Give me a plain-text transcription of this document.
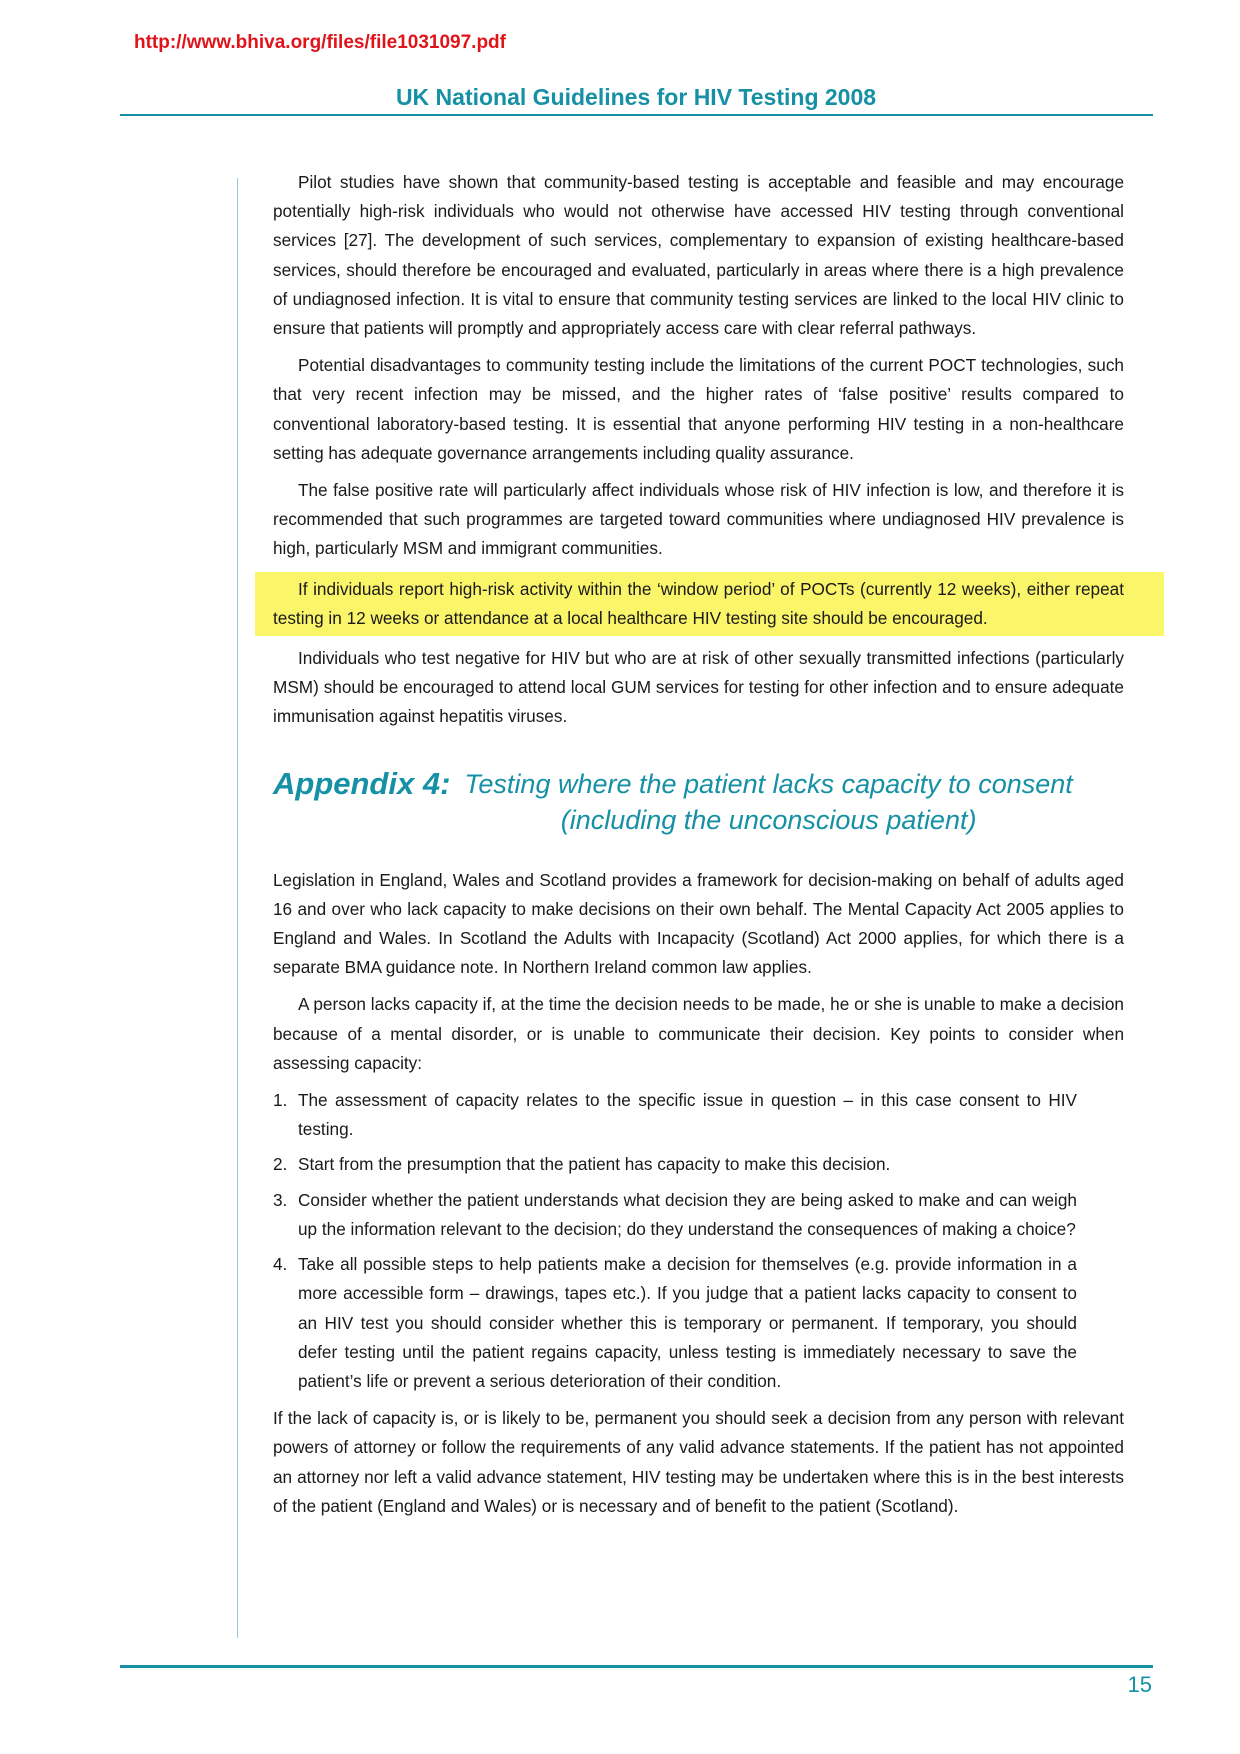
http://www.bhiva.org/files/file1031097.pdf
UK National Guidelines for HIV Testing 2008

Pilot studies have shown that community-based testing is acceptable and feasible and may encourage potentially high-risk individuals who would not otherwise have accessed HIV testing through conventional services [27]. The development of such services, complementary to expansion of existing healthcare-based services, should therefore be encouraged and evaluated, particularly in areas where there is a high prevalence of undiagnosed infection. It is vital to ensure that community testing services are linked to the local HIV clinic to ensure that patients will promptly and appropriately access care with clear referral pathways.

Potential disadvantages to community testing include the limitations of the current POCT technologies, such that very recent infection may be missed, and the higher rates of ‘false positive’ results compared to conventional laboratory-based testing. It is essential that anyone performing HIV testing in a non-healthcare setting has adequate governance arrangements including quality assurance.

The false positive rate will particularly affect individuals whose risk of HIV infection is low, and therefore it is recommended that such programmes are targeted toward communities where undiagnosed HIV prevalence is high, particularly MSM and immigrant communities.

If individuals report high-risk activity within the ‘window period’ of POCTs (currently 12 weeks), either repeat testing in 12 weeks or attendance at a local healthcare HIV testing site should be encouraged.

Individuals who test negative for HIV but who are at risk of other sexually transmitted infections (particularly MSM) should be encouraged to attend local GUM services for testing for other infection and to ensure adequate immunisation against hepatitis viruses.

Appendix 4: Testing where the patient lacks capacity to consent
(including the unconscious patient)

Legislation in England, Wales and Scotland provides a framework for decision-making on behalf of adults aged 16 and over who lack capacity to make decisions on their own behalf. The Mental Capacity Act 2005 applies to England and Wales. In Scotland the Adults with Incapacity (Scotland) Act 2000 applies, for which there is a separate BMA guidance note. In Northern Ireland common law applies.

A person lacks capacity if, at the time the decision needs to be made, he or she is unable to make a decision because of a mental disorder, or is unable to communicate their decision. Key points to consider when assessing capacity:

1. The assessment of capacity relates to the specific issue in question – in this case consent to HIV testing.
2. Start from the presumption that the patient has capacity to make this decision.
3. Consider whether the patient understands what decision they are being asked to make and can weigh up the information relevant to the decision; do they understand the consequences of making a choice?
4. Take all possible steps to help patients make a decision for themselves (e.g. provide information in a more accessible form – drawings, tapes etc.). If you judge that a patient lacks capacity to consent to an HIV test you should consider whether this is temporary or permanent. If temporary, you should defer testing until the patient regains capacity, unless testing is immediately necessary to save the patient’s life or prevent a serious deterioration of their condition.

If the lack of capacity is, or is likely to be, permanent you should seek a decision from any person with relevant powers of attorney or follow the requirements of any valid advance statements. If the patient has not appointed an attorney nor left a valid advance statement, HIV testing may be undertaken where this is in the best interests of the patient (England and Wales) or is necessary and of benefit to the patient (Scotland).

15
